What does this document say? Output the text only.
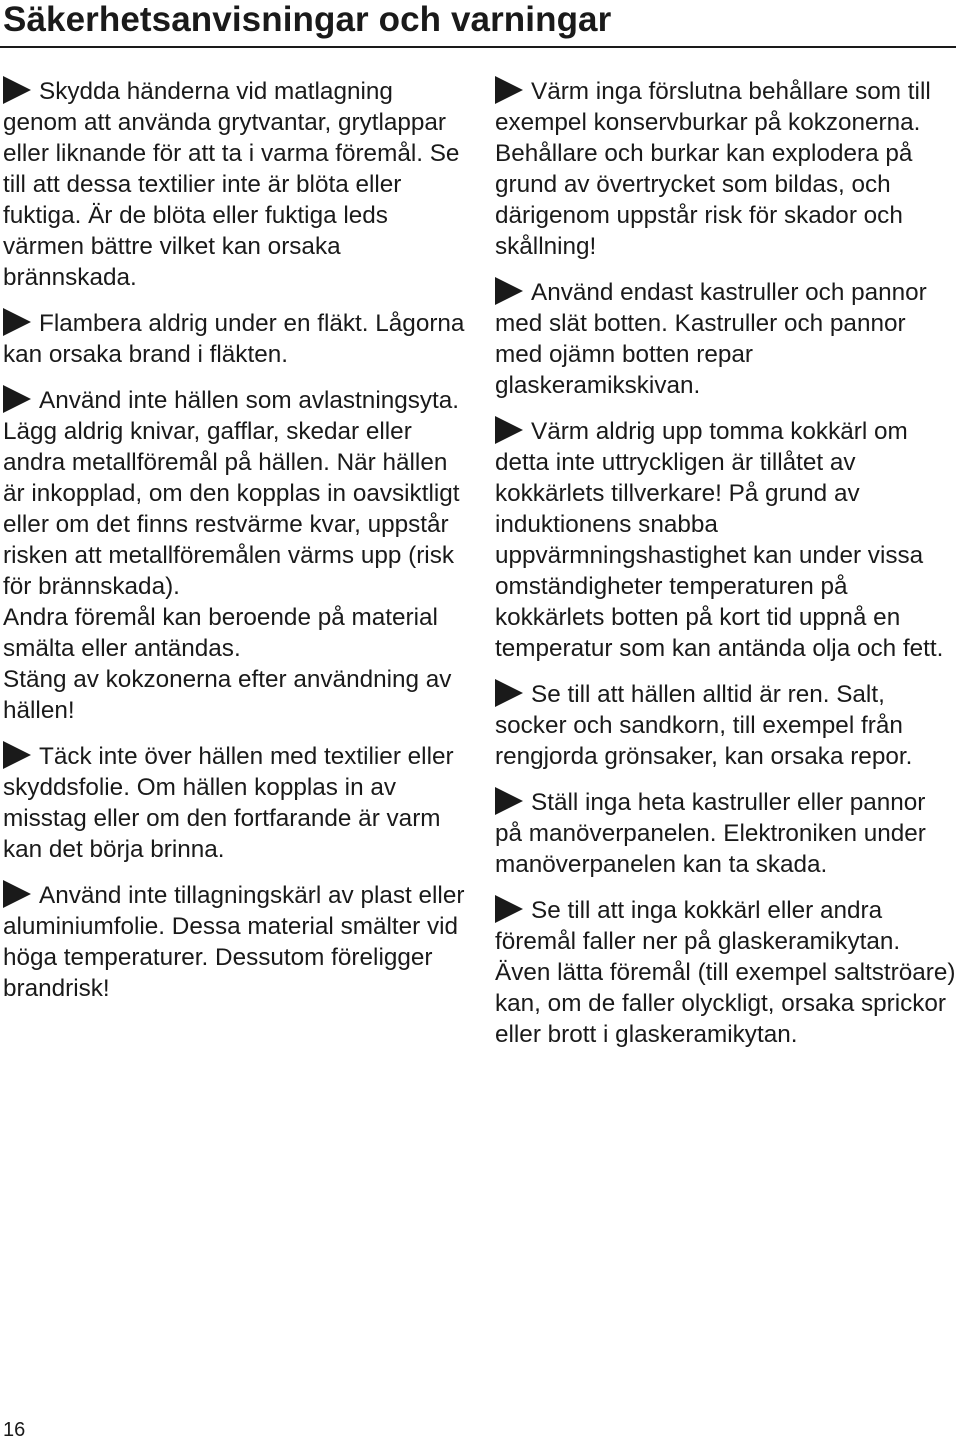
Säkerhetsanvisningar och varningar

Skydda händerna vid matlagning genom att använda grytvantar, grytlappar eller liknande för att ta i varma föremål. Se till att dessa textilier inte är blöta eller fuktiga. Är de blöta eller fuktiga leds värmen bättre vilket kan orsaka brännskada.

Flambera aldrig under en fläkt. Lågorna kan orsaka brand i fläkten.

Använd inte hällen som avlastningsyta.
Lägg aldrig knivar, gafflar, skedar eller andra metallföremål på hällen. När hällen är inkopplad, om den kopplas in oavsiktligt eller om det finns restvärme kvar, uppstår risken att metallföremålen värms upp (risk för brännskada).
Andra föremål kan beroende på material smälta eller antändas.
Stäng av kokzonerna efter användning av hällen!

Täck inte över hällen med textilier eller skyddsfolie. Om hällen kopplas in av misstag eller om den fortfarande är varm kan det börja brinna.

Använd inte tillagningskärl av plast eller aluminiumfolie. Dessa material smälter vid höga temperaturer. Dessutom föreligger brandrisk!

Värm inga förslutna behållare som till exempel konservburkar på kokzonerna. Behållare och burkar kan explodera på grund av övertrycket som bildas, och därigenom uppstår risk för skador och skållning!

Använd endast kastruller och pannor med slät botten. Kastruller och pannor med ojämn botten repar glaskeramikskivan.

Värm aldrig upp tomma kokkärl om detta inte uttryckligen är tillåtet av kokkärlets tillverkare! På grund av induktionens snabba uppvärmningshastighet kan under vissa omständigheter temperaturen på kokkärlets botten på kort tid uppnå en temperatur som kan antända olja och fett.

Se till att hällen alltid är ren. Salt, socker och sandkorn, till exempel från rengjorda grönsaker, kan orsaka repor.

Ställ inga heta kastruller eller pannor på manöverpanelen. Elektroniken under manöverpanelen kan ta skada.

Se till att inga kokkärl eller andra föremål faller ner på glaskeramikytan. Även lätta föremål (till exempel saltströare) kan, om de faller olyckligt, orsaka sprickor eller brott i glaskeramikytan.

16
